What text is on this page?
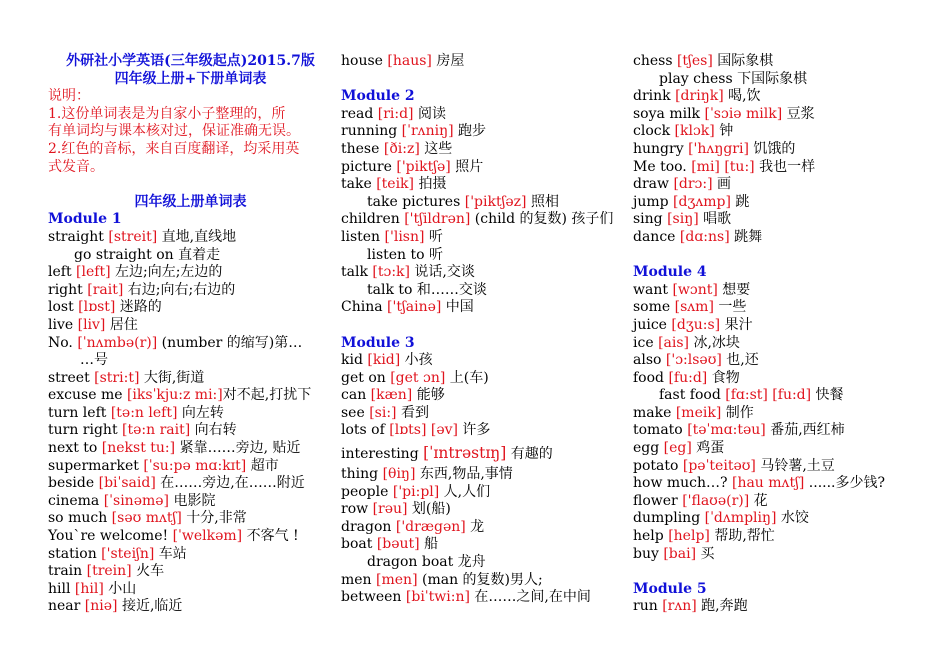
外研社小学英语(三年级起点)2015.7版
四年级上册+下册单词表
说明：
1.这份单词表是为自家小子整理的，所
有单词均与课本核对过，保证准确无误。
2.红色的音标，来自百度翻译，均采用英
式发音。
四年级上册单词表
Module 1
straight [streit] 直地,直线地
go straight on 直着走
left [left] 左边;向左;左边的
right [rait] 右边;向右;右边的
lost [lɒst] 迷路的
live [liv] 居住
No. [ˈnʌmbə(r)] (number 的缩写)第…
…号
street [stri:t] 大街,街道
excuse me [iksˈkju:z mi:]对不起,打扰下
turn left [tə:n left] 向左转
turn right [tə:n rait] 向右转
next to [nekst tu:] 紧靠……旁边, 贴近
supermarket [ˈsu:pə mɑ:kɪt] 超市
beside [biˈsaid] 在……旁边,在……附近
cinema [ˈsinəmə] 电影院
so much [səʊ mʌtʃ] 十分,非常
You`re welcome! [ˈwelkəm] 不客气 !
station ['steiʃn] 车站
train [trein] 火车
hill [hil] 小山
near [niə] 接近,临近
house [haus] 房屋
Module 2
read [ri:d] 阅读
running [ˈrʌniŋ] 跑步
these [ði:z] 这些
picture ['piktʃə] 照片
take [teik] 拍摄
take pictures ['piktʃəz] 照相
children ['tʃildrən] (child 的复数) 孩子们
listen ['lisn] 听
listen to 听
talk [tɔ:k] 说话,交谈
talk to 和……交谈
China ['tʃainə] 中国
Module 3
kid [kid] 小孩
get on [get ɔn] 上(车)
can [kæn] 能够
see [si:] 看到
lots of [lɒts] [əv] 许多
interesting [ˈɪntrəstɪŋ] 有趣的
thing [θiŋ] 东西,物品,事情
people ['pi:pl] 人,人们
row [rəu] 划(船)
dragon ['drægən] 龙
boat [bəut] 船
dragon boat 龙舟
men [men] (man 的复数)男人;
between [biˈtwi:n] 在……之间,在中间
chess [tʃes] 国际象棋
play chess 下国际象棋
drink [driŋk] 喝,饮
soya milk [ˈsɔiə milk] 豆浆
clock [klɔk] 钟
hungry ['hʌŋgri] 饥饿的
Me too. [mi] [tu:] 我也一样
draw [drɔ:] 画
jump [dʒʌmp] 跳
sing [siŋ] 唱歌
dance [dɑ:ns] 跳舞
Module 4
want [wɔnt] 想要
some [sʌm] 一些
juice [dʒu:s] 果汁
ice [ais] 冰,冰块
also ['ɔ:lsəʊ] 也,还
food [fu:d] 食物
fast food [fɑ:st] [fu:d] 快餐
make [meik] 制作
tomato [təˈmɑ:təu] 番茄,西红柿
egg [eg] 鸡蛋
potato [pəˈteitəʊ] 马铃薯,土豆
how much…? [hau mʌtʃ] ......多少钱?
flower ['flaʊə(r)] 花
dumpling [ˈdʌmpliŋ] 水饺
help [help] 帮助,帮忙
buy [bai] 买
Module 5
run [rʌn] 跑,奔跑
